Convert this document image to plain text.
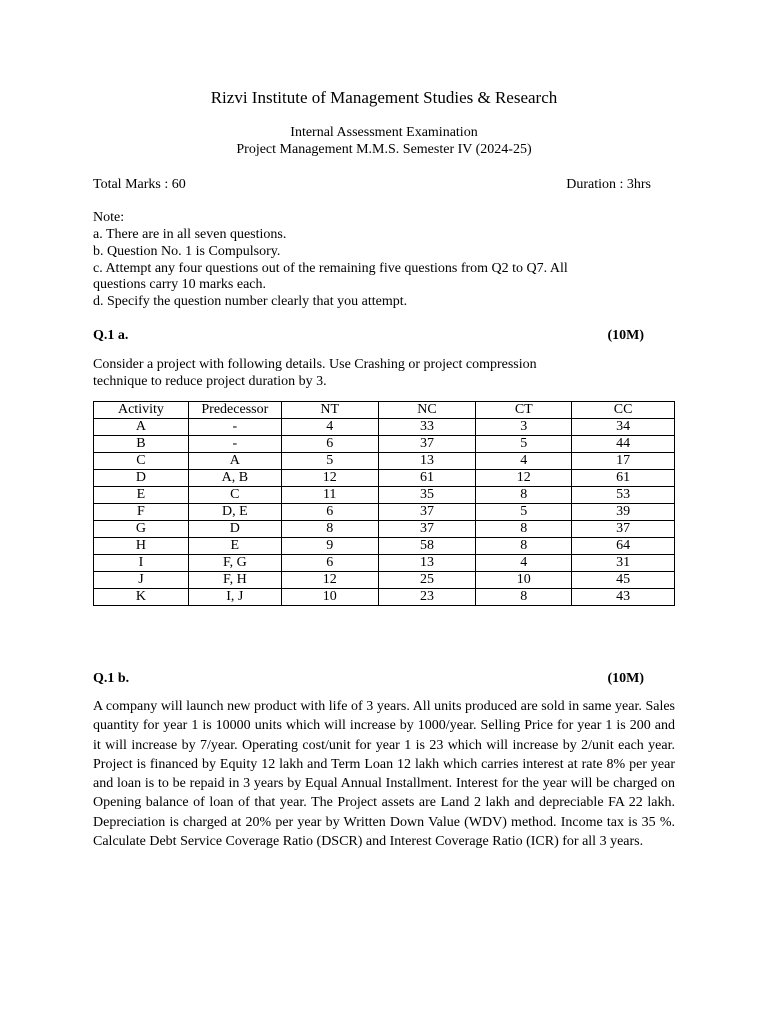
Rizvi Institute of Management Studies & Research
Internal Assessment Examination
Project Management M.M.S. Semester IV (2024-25)
Total Marks : 60	Duration : 3hrs
Note:
a. There are in all seven questions.
b. Question No. 1 is Compulsory.
c. Attempt any four questions out of the remaining five questions from Q2 to Q7. All
questions carry 10 marks each.
d. Specify the question number clearly that you attempt.
Q.1 a.	(10M)
Consider a project with following details. Use Crashing or project compression
technique to reduce project duration by 3.
Activity	Predecessor	NT	NC	CT	CC
A	-	4	33	3	34
B	-	6	37	5	44
C	A	5	13	4	17
D	A, B	12	61	12	61
E	C	11	35	8	53
F	D, E	6	37	5	39
G	D	8	37	8	37
H	E	9	58	8	64
I	F, G	6	13	4	31
J	F, H	12	25	10	45
K	I, J	10	23	8	43
Q.1 b.	(10M)
A company will launch new product with life of 3 years. All units produced are sold in same year. Sales quantity for year 1 is 10000 units which will increase by 1000/year. Selling Price for year 1 is 200 and it will increase by 7/year. Operating cost/unit for year 1 is 23 which will increase by 2/unit each year. Project is financed by Equity 12 lakh and Term Loan 12 lakh which carries interest at rate 8% per year and loan is to be repaid in 3 years by Equal Annual Installment. Interest for the year will be charged on Opening balance of loan of that year. The Project assets are Land 2 lakh and depreciable FA 22 lakh. Depreciation is charged at 20% per year by Written Down Value (WDV) method. Income tax is 35 %. Calculate Debt Service Coverage Ratio (DSCR) and Interest Coverage Ratio (ICR) for all 3 years.
